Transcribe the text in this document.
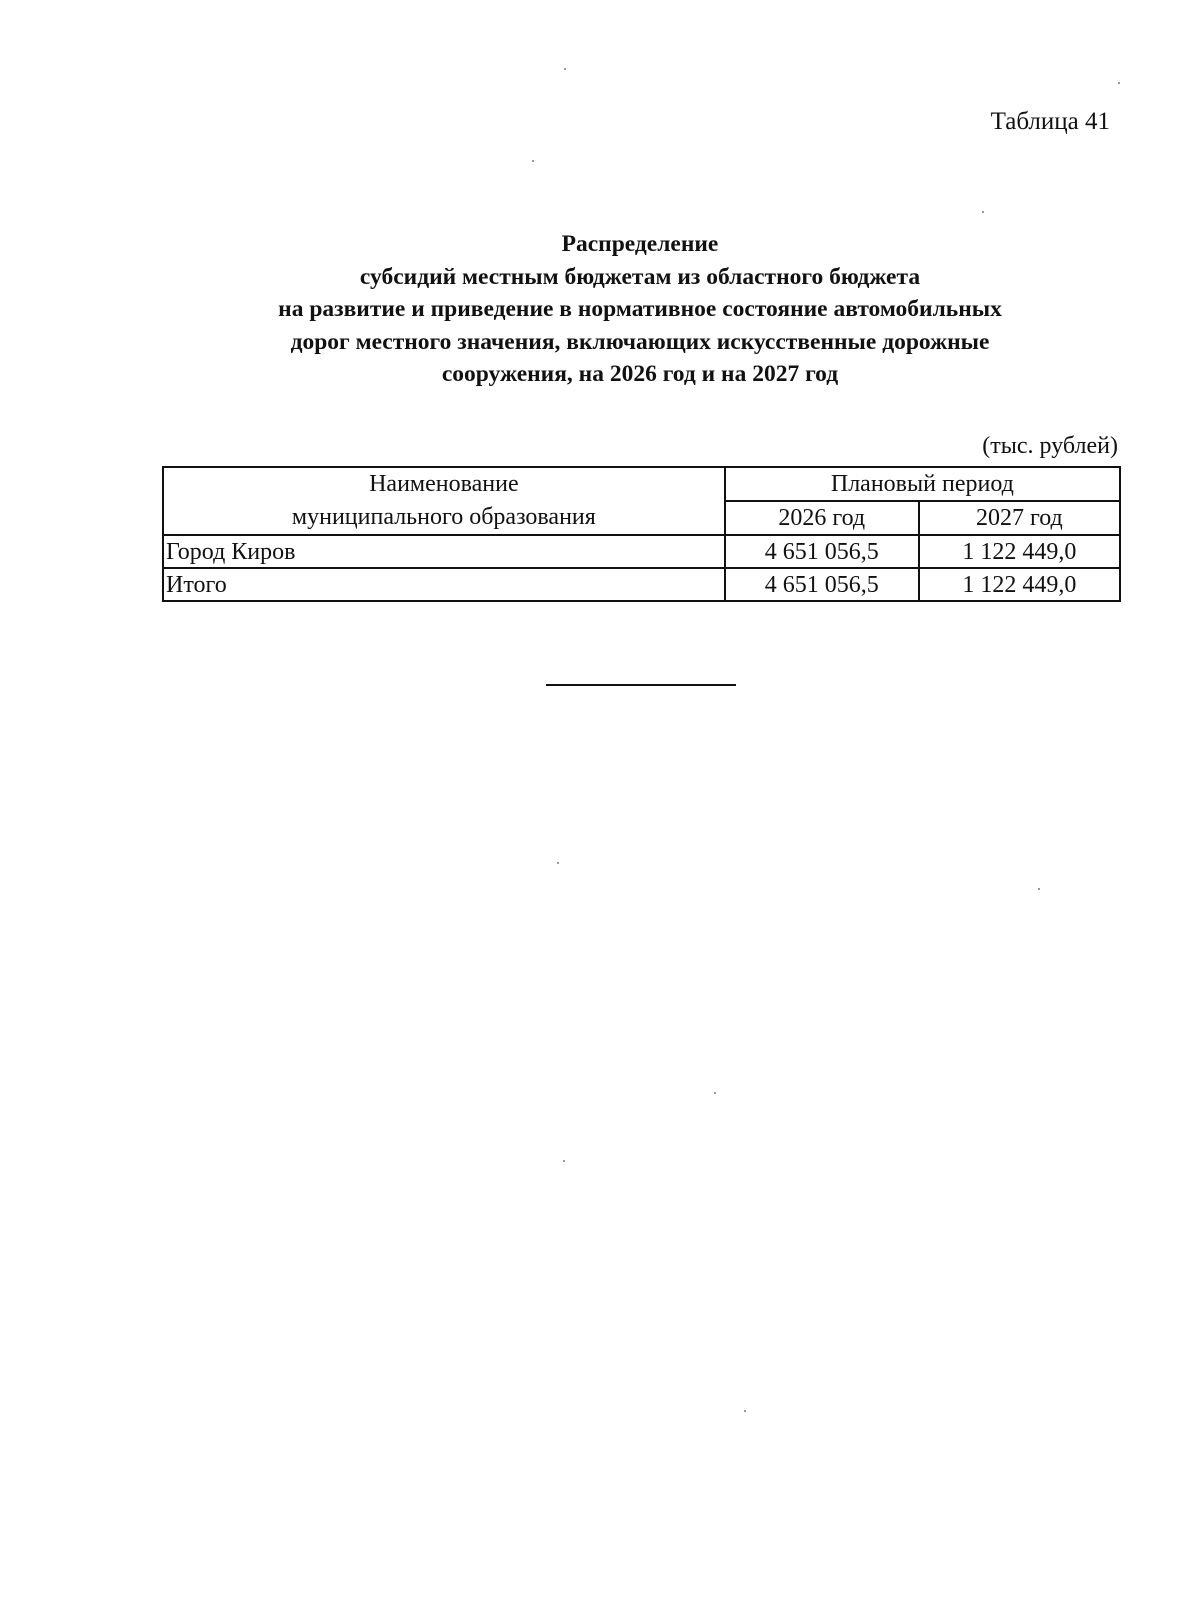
Таблица 41
Распределение
субсидий местным бюджетам из областного бюджета
на развитие и приведение в нормативное состояние автомобильных
дорог местного значения, включающих искусственные дорожные
сооружения, на 2026 год и на 2027 год
(тыс. рублей)
Наименование
муниципального образования	Плановый период	
	2026 год	2027 год
Город Киров	4 651 056,5	1 122 449,0
Итого	4 651 056,5	1 122 449,0
